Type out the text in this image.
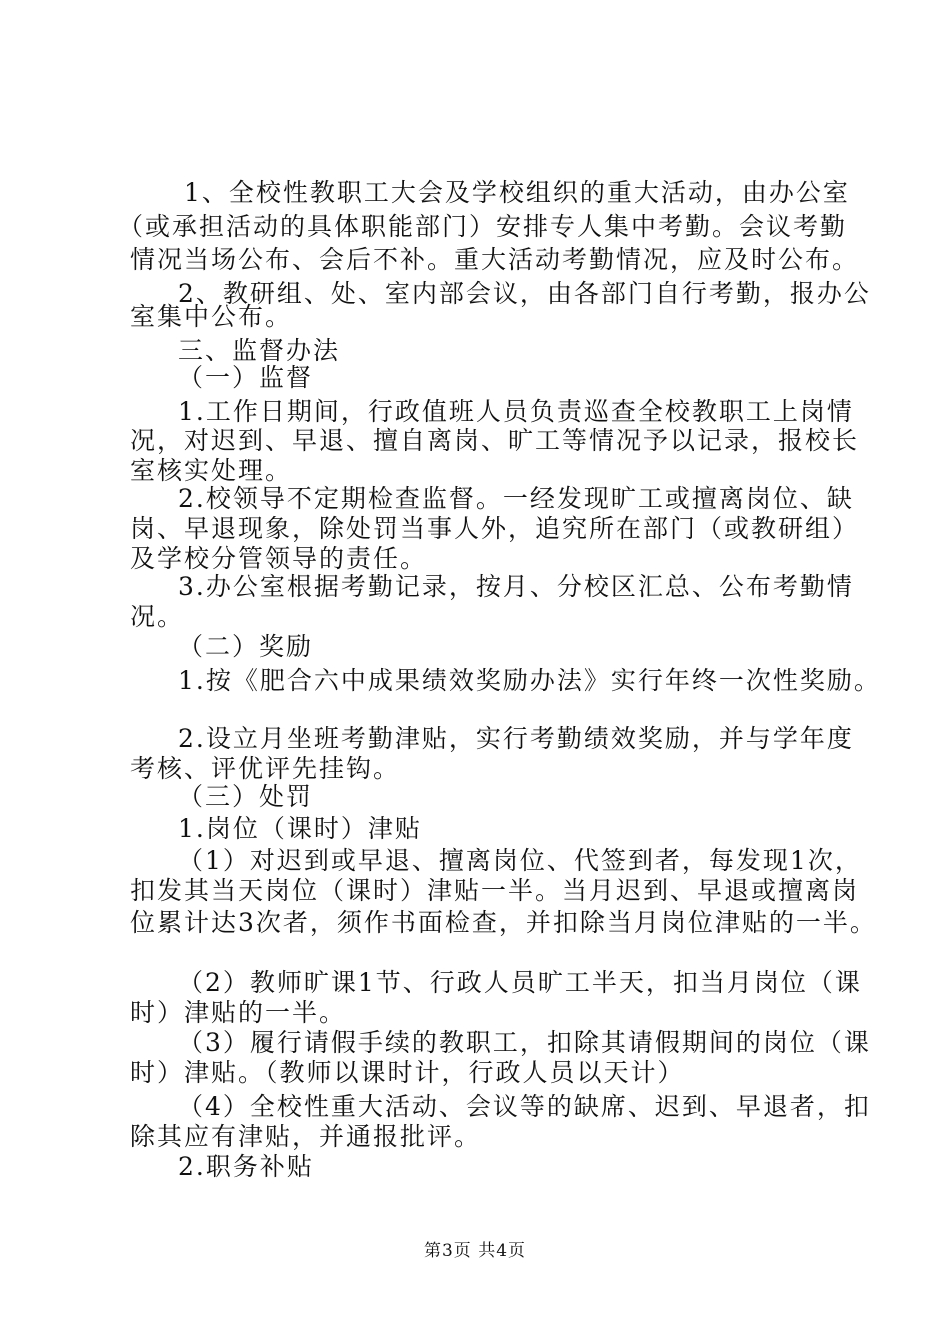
1、全校性教职工大会及学校组织的重大活动，由办公室

（或承担活动的具体职能部门）安排专人集中考勤。会议考勤

情况当场公布、会后不补。重大活动考勤情况，应及时公布。

2、教研组、处、室内部会议，由各部门自行考勤，报办公

室集中公布。

三、监督办法

（一）监督

1.工作日期间，行政值班人员负责巡查全校教职工上岗情

况，对迟到、早退、擅自离岗、旷工等情况予以记录，报校长

室核实处理。

2.校领导不定期检查监督。一经发现旷工或擅离岗位、缺

岗、早退现象，除处罚当事人外，追究所在部门（或教研组）

及学校分管领导的责任。

3.办公室根据考勤记录，按月、分校区汇总、公布考勤情

况。

（二）奖励

1.按《肥合六中成果绩效奖励办法》实行年终一次性奖励。

2.设立月坐班考勤津贴，实行考勤绩效奖励，并与学年度

考核、评优评先挂钩。

（三）处罚

1.岗位（课时）津贴

（1）对迟到或早退、擅离岗位、代签到者，每发现1次，

扣发其当天岗位（课时）津贴一半。当月迟到、早退或擅离岗

位累计达3次者，须作书面检查，并扣除当月岗位津贴的一半。

（2）教师旷课1节、行政人员旷工半天，扣当月岗位（课

时）津贴的一半。

（3）履行请假手续的教职工，扣除其请假期间的岗位（课

时）津贴。（教师以课时计，行政人员以天计）

（4）全校性重大活动、会议等的缺席、迟到、早退者，扣

除其应有津贴，并通报批评。

2.职务补贴

第3页 共4页
